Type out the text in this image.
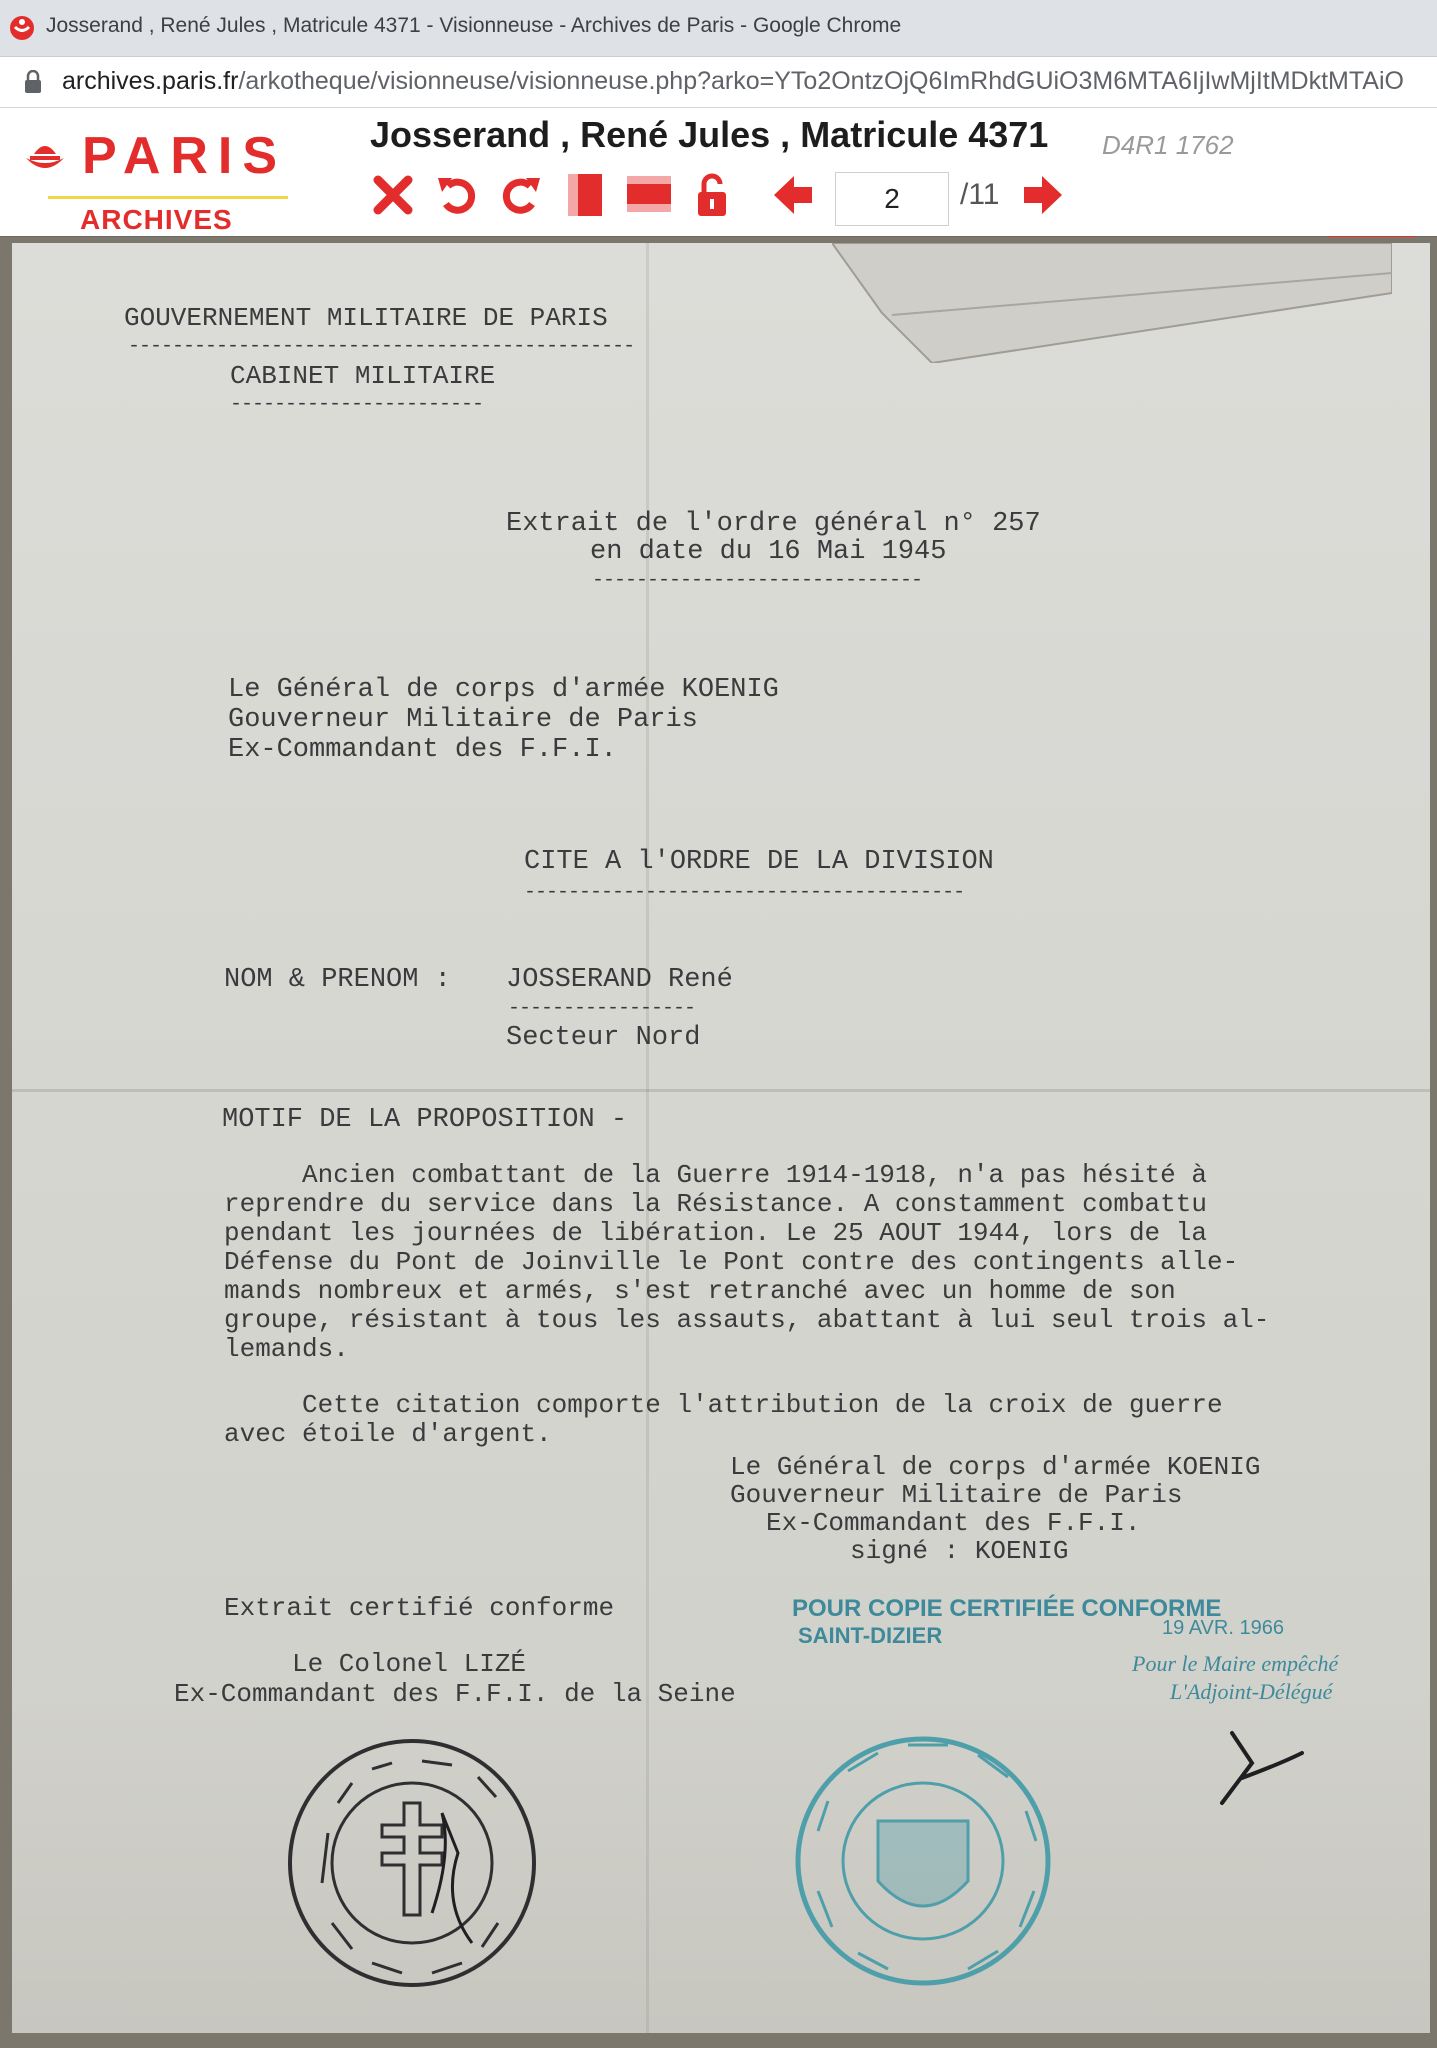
Josserand , René Jules , Matricule 4371 - Visionneuse - Archives de Paris - Google Chrome
archives.paris.fr/arkotheque/visionneuse/visionneuse.php?arko=YTo2OntzOjQ6ImRhdGUiO3M6MTA6IjIwMjItMDktMTAiO
PARIS
ARCHIVES
Josserand , René Jules , Matricule 4371 D4R1 1762
2
/11
GOUVERNEMENT MILITAIRE DE PARIS
----------------------------------------------
CABINET MILITAIRE
-----------------------
Extrait de l'ordre général n° 257
en date du 16 Mai 1945
------------------------------
Le Général de corps d'armée KOENIG
Gouverneur Militaire de Paris
Ex-Commandant des F.F.I.
CITE A l'ORDRE DE LA DIVISION
----------------------------------------
NOM & PRENOM : JOSSERAND René
-----------------
Secteur Nord
MOTIF DE LA PROPOSITION -
Ancien combattant de la Guerre 1914-1918, n'a pas hésité à
reprendre du service dans la Résistance. A constamment combattu
pendant les journées de libération. Le 25 AOUT 1944, lors de la
Défense du Pont de Joinville le Pont contre des contingents alle-
mands nombreux et armés, s'est retranché avec un homme de son
groupe, résistant à tous les assauts, abattant à lui seul trois al-
lemands.
Cette citation comporte l'attribution de la croix de guerre
avec étoile d'argent.
Le Général de corps d'armée KOENIG
Gouverneur Militaire de Paris
Ex-Commandant des F.F.I.
signé : KOENIG
Extrait certifié conforme
Le Colonel LIZÉ
Ex-Commandant des F.F.I. de la Seine
POUR COPIE CERTIFIÉE CONFORME
SAINT-DIZIER	19 AVR. 1966
Pour le Maire empêché
L'Adjoint-Délégué
